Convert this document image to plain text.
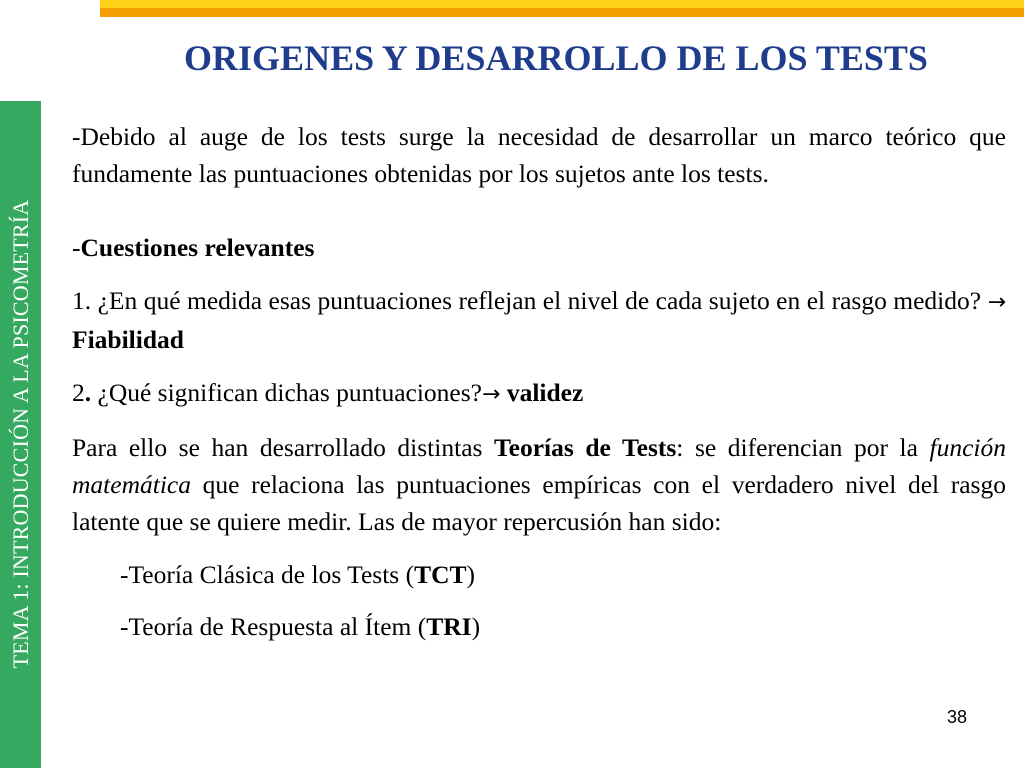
TEMA 1: INTRODUCCIÓN A LA PSICOMETRÍA
ORIGENES Y DESARROLLO DE LOS TESTS

-Debido al auge de los tests surge la necesidad de desarrollar un marco teórico que fundamente las puntuaciones obtenidas por los sujetos ante los tests.

-Cuestiones relevantes

1. ¿En qué medida esas puntuaciones reflejan el nivel de cada sujeto en el rasgo medido? → Fiabilidad

2. ¿Qué significan dichas puntuaciones?→ validez

Para ello se han desarrollado distintas Teorías de Tests: se diferencian por la función matemática que relaciona las puntuaciones empíricas con el verdadero nivel del rasgo latente que se quiere medir. Las de mayor repercusión han sido:

-Teoría Clásica de los Tests (TCT)

-Teoría de Respuesta al Ítem (TRI)

38
